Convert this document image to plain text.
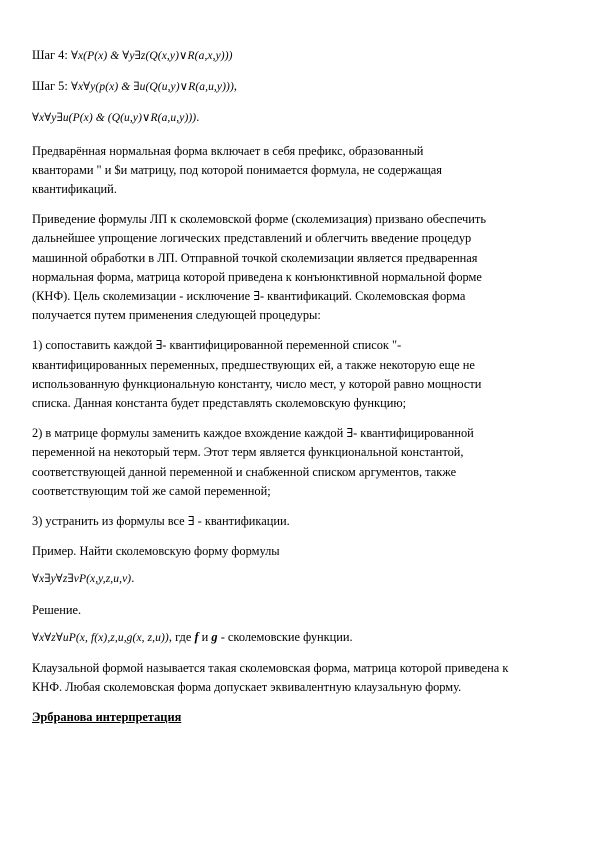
Шаг 4: ∀x(P(x) & ∀y∃z(Q(x,y)∨R(a,x,y)))
Шаг 5: ∀x∀y(p(x) & ∃u(Q(u,y)∨R(a,u,y))),
∀x∀y∃u(P(x) & (Q(u,y)∨R(a,u,y))).
Предварённая нормальная форма включает в себя префикс, образованный
кванторами " и $и матрицу, под которой понимается формула, не содержащая
квантификаций.
Приведение формулы ЛП к сколемовской форме (сколемизация) призвано обеспечить
дальнейшее упрощение логических представлений и облегчить введение процедур
машинной обработки в ЛП. Отправной точкой сколемизации является предваренная
нормальная форма, матрица которой приведена к конъюнктивной нормальной форме
(КНФ). Цель сколемизации - исключение ∃- квантификаций. Сколемовская форма
получается путем применения следующей процедуры:
1) сопоставить каждой ∃- квантифицированной переменной список "-
квантифицированных переменных, предшествующих ей, а также некоторую еще не
использованную функциональную константу, число мест, у которой равно мощности
списка. Данная константа будет представлять сколемовскую функцию;
2) в матрице формулы заменить каждое вхождение каждой ∃- квантифицированной
переменной на некоторый терм. Этот терм является функциональной константой,
соответствующей данной переменной и снабженной списком аргументов, также
соответствующим той же самой переменной;
3) устранить из формулы все ∃ - квантификации.
Пример. Найти сколемовскую форму формулы
∀x∃y∀z∃vP(x,y,z,u,v).
Решение.
∀x∀z∀uP(x, f(x),z,u,g(x, z,u)), где f и g - сколемовские функции.
Клаузальной формой называется такая сколемовская форма, матрица которой приведена к
КНФ. Любая сколемовская форма допускает эквивалентную клаузальную форму.
Эрбранова интерпретация
